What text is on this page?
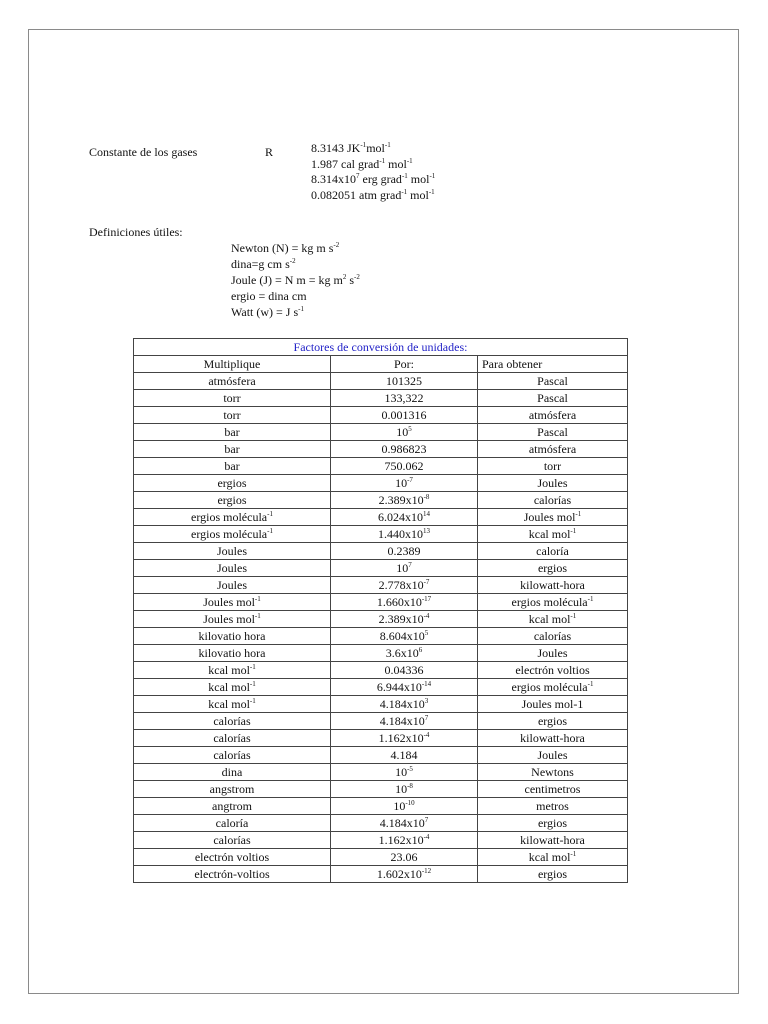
Constante de los gases	R	8.3143 $JK^{-1}mol^{-1}$
1.987 cal grad$^{-1}$ mol$^{-1}$
$8.314x10^7$ erg grad$^{-1}$ mol$^{-1}$
0.082051 atm grad$^{-1}$ mol$^{-1}$
Definiciones útiles:
Newton (N) = kg m $s^{-2}$
dina=g cm $s^{-2}$
Joule (J) = N m = kg $m^2$ $s^{-2}$
ergio = dina cm
Watt (w) = J $s^{-1}$
Factores de conversión de unidades:		
Multiplique	Por:	Para obtener
atmósfera	101325	Pascal
torr	133,322	Pascal
torr	0.001316	atmósfera
bar	$10^5$	Pascal
bar	0.986823	atmósfera
bar	750.062	torr
ergios	$10^{-7}$	Joules
ergios	$2.389x10^{-8}$	calorías
ergios molécula$^{-1}$	$6.024x10^{14}$	Joules mol$^{-1}$
ergios molécula$^{-1}$	$1.440x10^{13}$	kcal mol$^{-1}$
Joules	0.2389	caloría
Joules	$10^7$	ergios
Joules	$2.778x10^{-7}$	kilowatt-hora
Joules mol$^{-1}$	$1.660x10^{-17}$	ergios molécula$^{-1}$
Joules mol$^{-1}$	$2.389x10^{-4}$	kcal mol$^{-1}$
kilovatio hora	$8.604x10^5$	calorías
kilovatio hora	$3.6x10^6$	Joules
kcal mol$^{-1}$	0.04336	electrón voltios
kcal mol$^{-1}$	$6.944x10^{-14}$	ergios molécula$^{-1}$
kcal mol$^{-1}$	$4.184x10^3$	Joules mol-1
calorías	$4.184x10^7$	ergios
calorías	$1.162x10^{-4}$	kilowatt-hora
calorías	4.184	Joules
dina	$10^{-5}$	Newtons
angstrom	$10^{-8}$	centimetros
angtrom	$10^{-10}$	metros
caloría	$4.184x10^7$	ergios
calorías	$1.162x10^{-4}$	kilowatt-hora
electrón voltios	23.06	kcal mol$^{-1}$
electrón-voltios	$1.602x10^{-12}$	ergios
